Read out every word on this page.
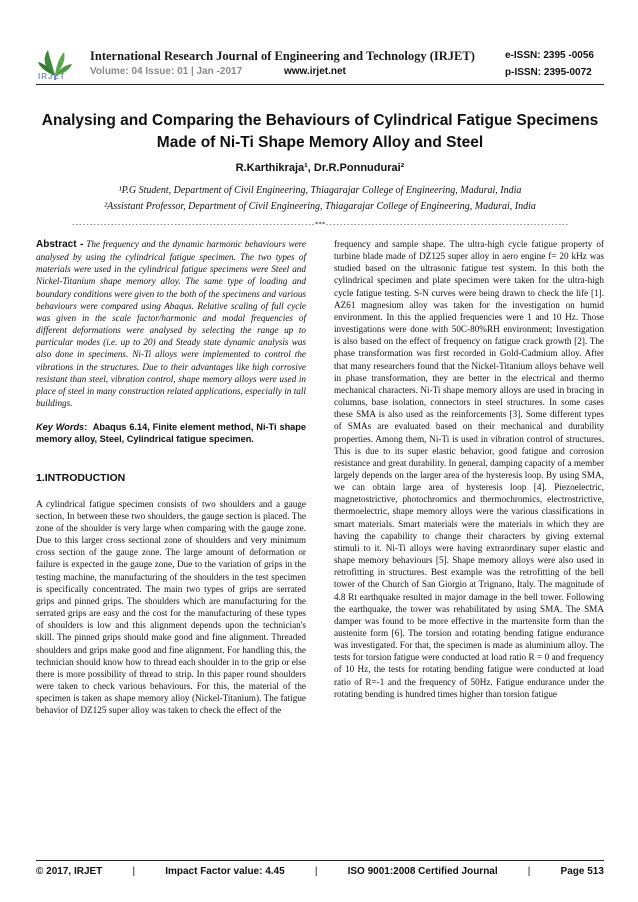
IRJET
International Research Journal of Engineering and Technology (IRJET)	e-ISSN: 2395 -0056
Volume: 04 Issue: 01 | Jan -2017	www.irjet.net	p-ISSN: 2395-0072
Analysing and Comparing the Behaviours of Cylindrical Fatigue Specimens Made of Ni-Ti Shape Memory Alloy and Steel
R.Karthikraja¹, Dr.R.Ponnudurai²
¹P.G Student, Department of Civil Engineering, Thiagarajar College of Engineering, Madurai, India
²Assistant Professor, Department of Civil Engineering, Thiagarajar College of Engineering, Madurai, India
---------------------------------------------------------------------***---------------------------------------------------------------------

Abstract - The frequency and the dynamic harmonic behaviours were analysed by using the cylindrical fatigue specimen. The two types of materials were used in the cylindrical fatigue specimens were Steel and Nickel-Titanium shape memory alloy. The same type of loading and boundary conditions were given to the both of the specimens and various behaviours were compared using Abaqus. Relative scaling of full cycle was given in the scale factor/harmonic and modal frequencies of different deformations were analysed by selecting the range up to particular modes (i.e. up to 20) and Steady state dynamic analysis was also done in specimens. Ni-Ti alloys were implemented to control the vibrations in the structures. Due to their advantages like high corrosive resistant than steel, vibration control, shape memory alloys were used in place of steel in many construction related applications, especially in tall buildings.

Key Words:  Abaqus 6.14, Finite element method, Ni-Ti shape memory alloy, Steel, Cylindrical fatigue specimen.

1.INTRODUCTION

A cylindrical fatigue specimen consists of two shoulders and a gauge section, In between these two shoulders, the gauge section is placed. The zone of the shoulder is very large when comparing with the gauge zone. Due to this larger cross sectional zone of shoulders and very minimum cross section of the gauge zone. The large amount of deformation or failure is expected in the gauge zone, Due to the variation of grips in the testing machine, the manufacturing of the shoulders in the test specimen is specifically concentrated. The main two types of grips are serrated grips and pinned grips. The shoulders which are manufacturing for the serrated grips are easy and the cost for the manufacturing of these types of shoulders is low and this alignment depends upon the technician's skill. The pinned grips should make good and fine alignment. Threaded shoulders and grips make good and fine alignment. For handling this, the technician should know how to thread each shoulder in to the grip or else there is more possibility of thread to strip. In this paper round shoulders were taken to check various behaviours. For this, the material of the specimen is taken as shape memory alloy (Nickel-Titanium). The fatigue behavior of DZ125 super alloy was taken to check the effect of the

frequency and sample shape. The ultra-high cycle fatigue property of turbine blade made of DZ125 super alloy in aero engine f= 20 kHz was studied based on the ultrasonic fatigue test system. In this both the cylindrical specimen and plate specimen were taken for the ultra-high cycle fatigue testing. S-N curves were being drawn to check the life [1]. AZ61 magnesium alloy was taken for the investigation on humid environment. In this the applied frequencies were 1 and 10 Hz. Those investigations were done with 50C-80%RH environment; Investigation is also based on the effect of frequency on fatigue crack growth [2]. The phase transformation was first recorded in Gold-Cadmium alloy. After that many researchers found that the Nickel-Titanium alloys behave well in phase transformation, they are better in the electrical and thermo mechanical characters. Ni-Ti shape memory alloys are used in bracing in columns, base isolation, connectors in steel structures. In some cases these SMA is also used as the reinforcements [3]. Some different types of SMAs are evaluated based on their mechanical and durability properties. Among them, Ni-Ti is used in vibration control of structures. This is due to its super elastic behavior, good fatigue and corrosion resistance and great durability. In general, damping capacity of a member largely depends on the larger area of the hysteresis loop. By using SMA, we can obtain large area of hysteresis loop [4]. Piezoelectric, magnetostrictive, photochromics and thermochromics, electrostrictive, thermoelectric, shape memory alloys were the various classifications in smart materials. Smart materials were the materials in which they are having the capability to change their characters by giving external stimuli to it. Ni-Ti alloys were having extraordinary super elastic and shape memory behaviours [5]. Shape memory alloys were also used in retrofitting in structures. Best example was the retrofitting of the bell tower of the Church of San Giorgio at Trignano, Italy. The magnitude of 4.8 Rt earthquake resulted in major damage in the bell tower. Following the earthquake, the tower was rehabilitated by using SMA. The SMA damper was found to be more effective in the martensite form than the austenite form [6]. The torsion and rotating bending fatigue endurance was investigated. For that, the specimen is made as aluminium alloy. The tests for torsion fatigue were conducted at load ratio R = 0 and frequency of 10 Hz, the tests for rotating bending fatigue were conducted at load ratio of R=-1 and the frequency of 50Hz. Fatigue endurance under the rotating bending is hundred times higher than torsion fatigue

© 2017, IRJET	|	Impact Factor value: 4.45	|	ISO 9001:2008 Certified Journal	|	Page 513
